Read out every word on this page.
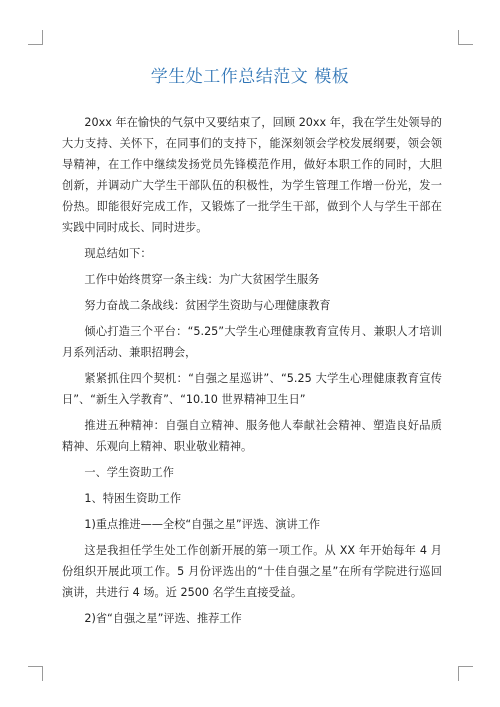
学生处工作总结范文 模板

20xx 年在愉快的气氛中又要结束了，回顾 20xx 年，我在学生处领导的大力支持、关怀下，在同事们的支持下，能深刻领会学校发展纲要，领会领导精神，在工作中继续发扬党员先锋模范作用，做好本职工作的同时，大胆创新，并调动广大学生干部队伍的积极性，为学生管理工作增一份光，发一份热。即能很好完成工作，又锻炼了一批学生干部，做到个人与学生干部在实践中同时成长、同时进步。

现总结如下：

工作中始终贯穿一条主线：为广大贫困学生服务

努力奋战二条战线：贫困学生资助与心理健康教育

倾心打造三个平台：“5.25”大学生心理健康教育宣传月、兼职人才培训月系列活动、兼职招聘会，

紧紧抓住四个契机：“自强之星巡讲”、“5.25 大学生心理健康教育宣传日”、“新生入学教育”、“10.10 世界精神卫生日”

推进五种精神：自强自立精神、服务他人奉献社会精神、塑造良好品质精神、乐观向上精神、职业敬业精神。

一、学生资助工作

1、特困生资助工作

1)重点推进——全校“自强之星”评选、演讲工作

这是我担任学生处工作创新开展的第一项工作。从 XX 年开始每年 4 月份组织开展此项工作。5 月份评选出的“十佳自强之星”在所有学院进行巡回演讲，共进行 4 场。近 2500 名学生直接受益。

2)省“自强之星”评选、推荐工作
